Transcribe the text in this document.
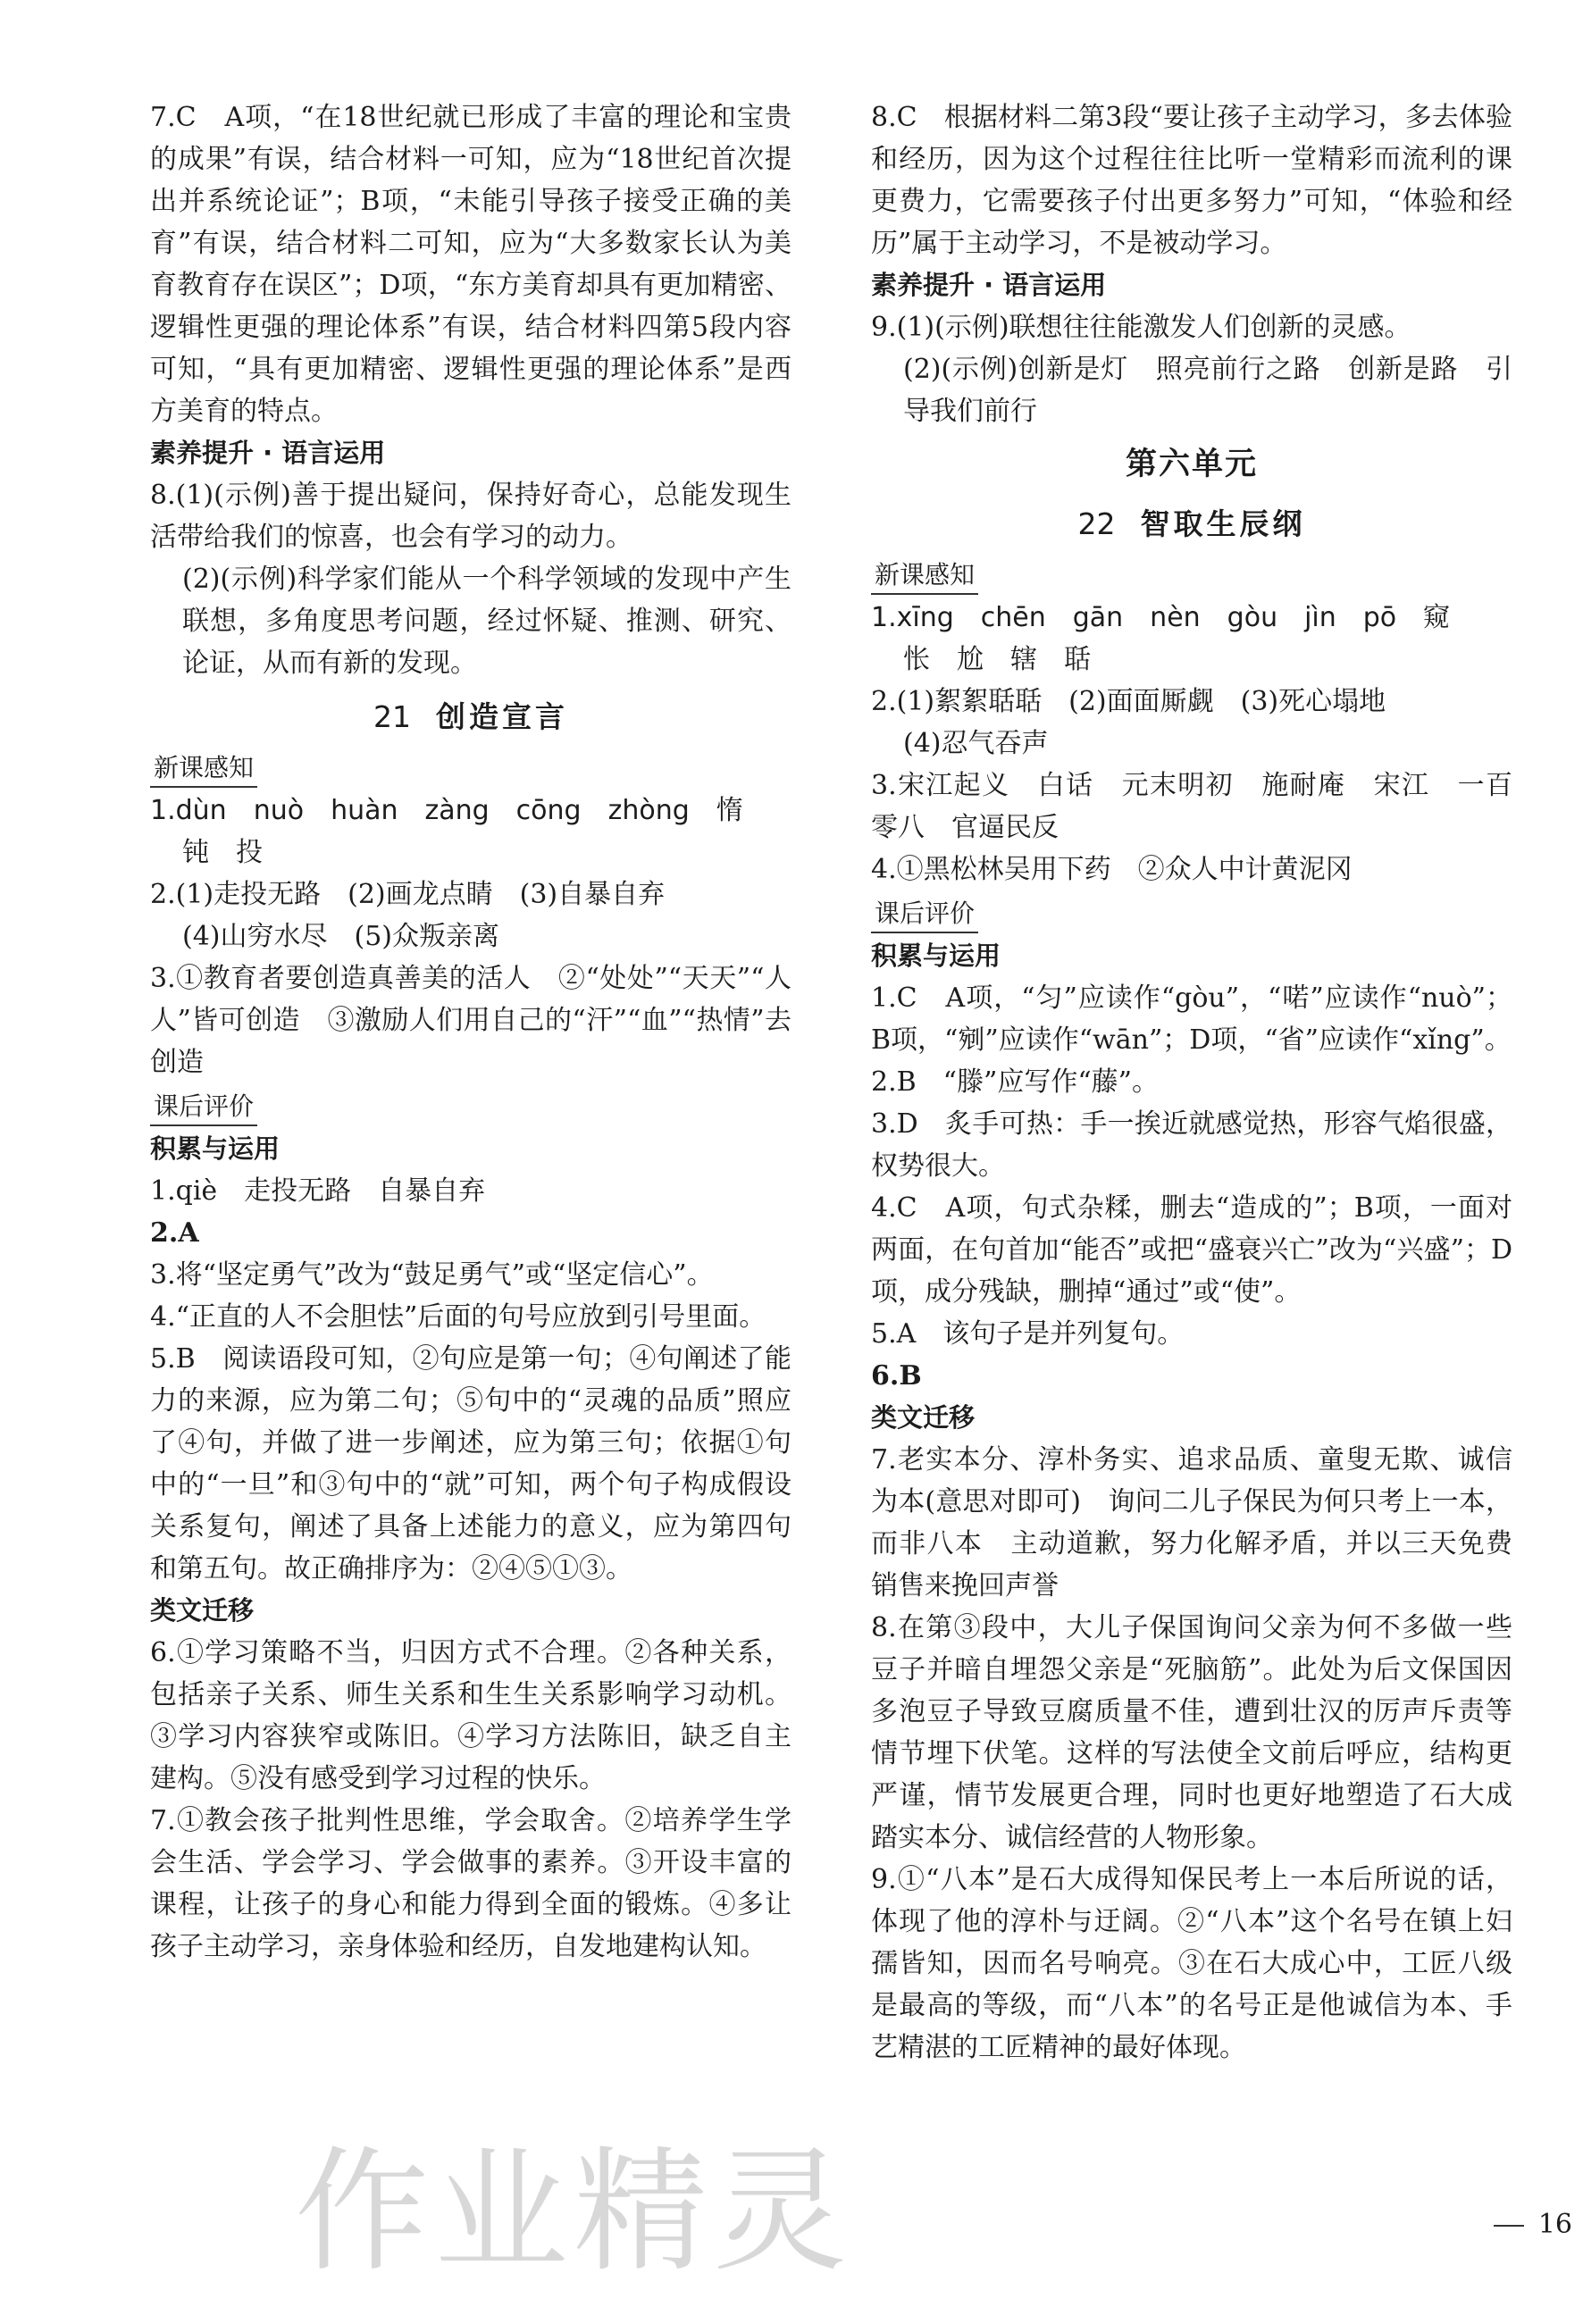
7.C　A项，“在18世纪就已形成了丰富的理论和宝贵的成果”有误，结合材料一可知，应为“18世纪首次提出并系统论证”；B项，“未能引导孩子接受正确的美育”有误，结合材料二可知，应为“大多数家长认为美育教育存在误区”；D项，“东方美育却具有更加精密、逻辑性更强的理论体系”有误，结合材料四第5段内容可知，“具有更加精密、逻辑性更强的理论体系”是西方美育的特点。

素养提升 · 语言运用

8.(1)(示例)善于提出疑问，保持好奇心，总能发现生活带给我们的惊喜，也会有学习的动力。

(2)(示例)科学家们能从一个科学领域的发现中产生联想，多角度思考问题，经过怀疑、推测、研究、论证，从而有新的发现。

21 创造宣言
新课感知

1.dùn　nuò　huàn　zàng　cōng　zhòng　惰

钝　投

2.(1)走投无路　(2)画龙点睛　(3)自暴自弃

(4)山穷水尽　(5)众叛亲离

3.①教育者要创造真善美的活人　②“处处”“天天”“人人”皆可创造　③激励人们用自己的“汗”“血”“热情”去创造

课后评价

积累与运用

1.qiè　走投无路　自暴自弃

2.A

3.将“坚定勇气”改为“鼓足勇气”或“坚定信心”。

4.“正直的人不会胆怯”后面的句号应放到引号里面。

5.B　阅读语段可知，②句应是第一句；④句阐述了能力的来源，应为第二句；⑤句中的“灵魂的品质”照应了④句，并做了进一步阐述，应为第三句；依据①句中的“一旦”和③句中的“就”可知，两个句子构成假设关系复句，阐述了具备上述能力的意义，应为第四句和第五句。故正确排序为：②④⑤①③。

类文迁移

6.①学习策略不当，归因方式不合理。②各种关系，包括亲子关系、师生关系和生生关系影响学习动机。③学习内容狭窄或陈旧。④学习方法陈旧，缺乏自主建构。⑤没有感受到学习过程的快乐。

7.①教会孩子批判性思维，学会取舍。②培养学生学会生活、学会学习、学会做事的素养。③开设丰富的课程，让孩子的身心和能力得到全面的锻炼。④多让孩子主动学习，亲身体验和经历，自发地建构认知。

8.C　根据材料二第3段“要让孩子主动学习，多去体验和经历，因为这个过程往往比听一堂精彩而流利的课更费力，它需要孩子付出更多努力”可知，“体验和经历”属于主动学习，不是被动学习。

素养提升 · 语言运用

9.(1)(示例)联想往往能激发人们创新的灵感。

(2)(示例)创新是灯　照亮前行之路　创新是路　引导我们前行

第六单元

22 智取生辰纲
新课感知

1.xīng　chēn　gān　nèn　gòu　jìn　pō　窥

怅　尬　辖　聒

2.(1)絮絮聒聒　(2)面面厮觑　(3)死心塌地

(4)忍气吞声

3.宋江起义　白话　元末明初　施耐庵　宋江　一百零八　官逼民反

4.①黑松林吴用下药　②众人中计黄泥冈

课后评价

积累与运用

1.C　A项，“匀”应读作“gòu”，“喏”应读作“nuò”；B项，“剜”应读作“wān”；D项，“省”应读作“xǐng”。

2.B　“滕”应写作“藤”。

3.D　炙手可热：手一挨近就感觉热，形容气焰很盛，权势很大。

4.C　A项，句式杂糅，删去“造成的”；B项，一面对两面，在句首加“能否”或把“盛衰兴亡”改为“兴盛”；D项，成分残缺，删掉“通过”或“使”。

5.A　该句子是并列复句。

6.B

类文迁移

7.老实本分、淳朴务实、追求品质、童叟无欺、诚信为本(意思对即可)　询问二儿子保民为何只考上一本，而非八本　主动道歉，努力化解矛盾，并以三天免费销售来挽回声誉

8.在第③段中，大儿子保国询问父亲为何不多做一些豆子并暗自埋怨父亲是“死脑筋”。此处为后文保国因多泡豆子导致豆腐质量不佳，遭到壮汉的厉声斥责等情节埋下伏笔。这样的写法使全文前后呼应，结构更严谨，情节发展更合理，同时也更好地塑造了石大成踏实本分、诚信经营的人物形象。

9.①“八本”是石大成得知保民考上一本后所说的话，体现了他的淳朴与迂阔。②“八本”这个名号在镇上妇孺皆知，因而名号响亮。③在石大成心中，工匠八级是最高的等级，而“八本”的名号正是他诚信为本、手艺精湛的工匠精神的最好体现。

作业精灵	16
